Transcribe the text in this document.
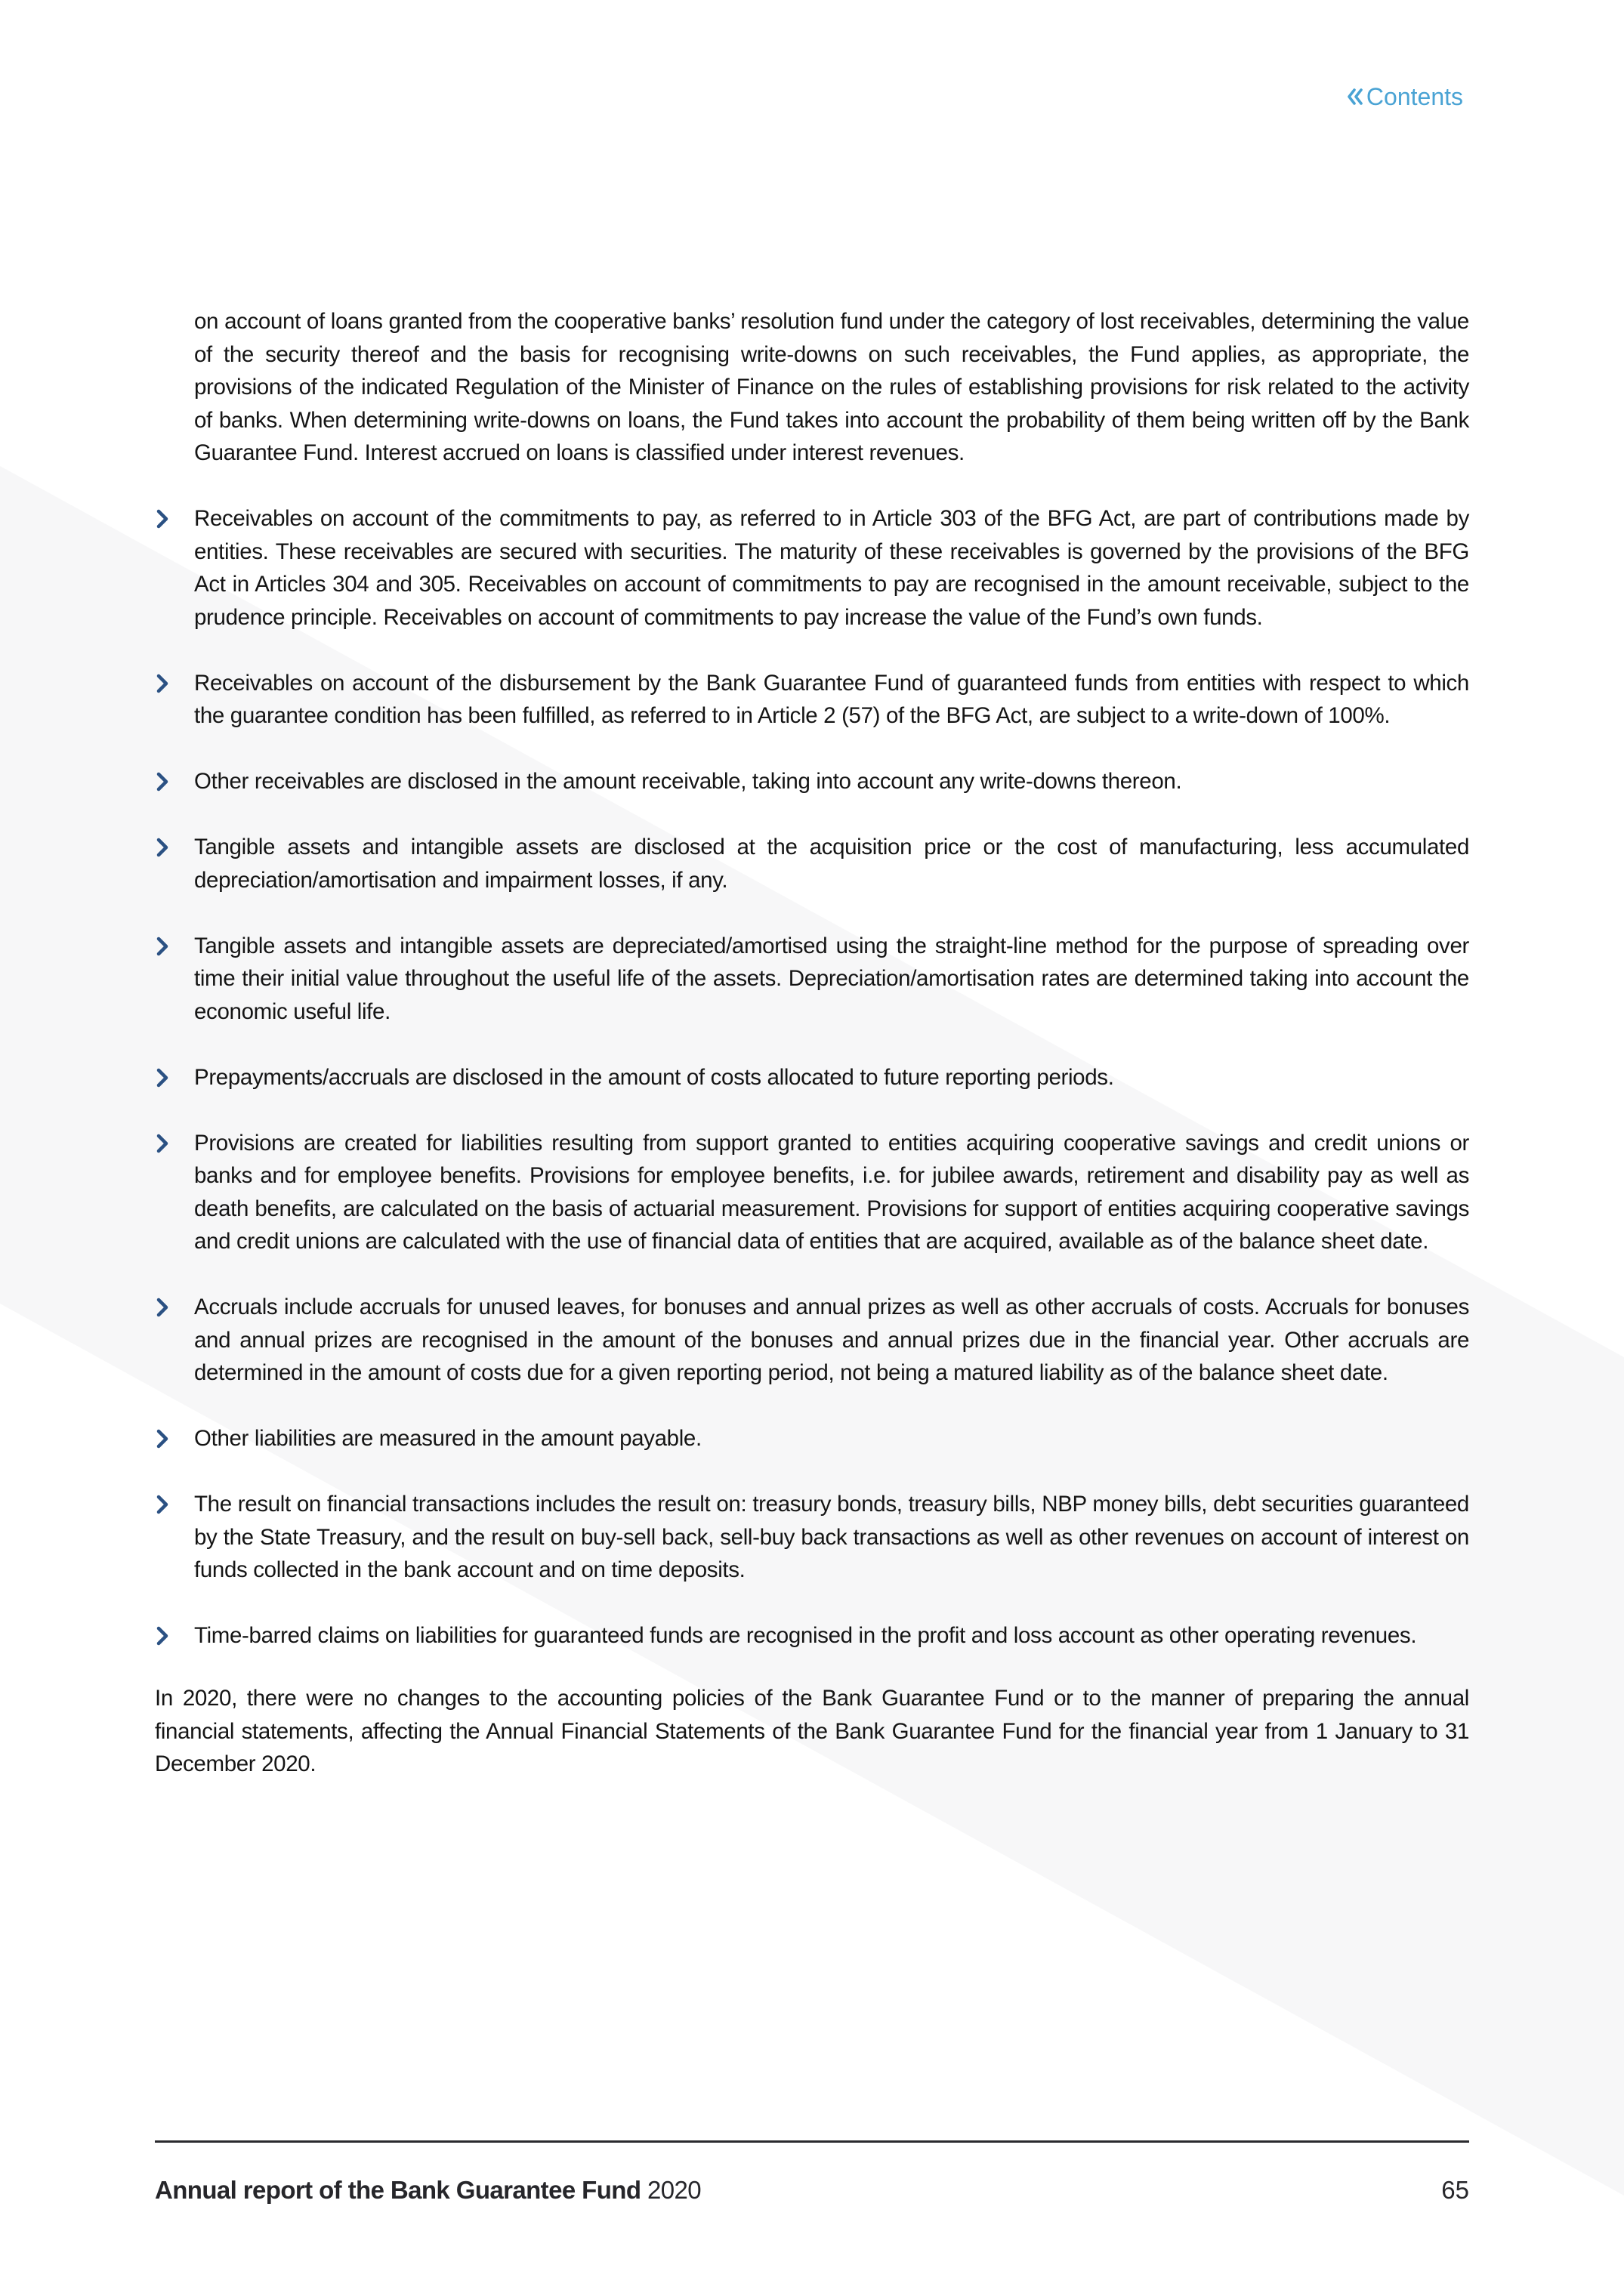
Contents

on account of loans granted from the cooperative banks’ resolution fund under the category of lost receivables, determining the value of the security thereof and the basis for recognising write-downs on such receivables, the Fund applies, as appropriate, the provisions of the indicated Regulation of the Minister of Finance on the rules of establishing provisions for risk related to the activity of banks. When determining write-downs on loans, the Fund takes into account the probability of them being written off by the Bank Guarantee Fund. Interest accrued on loans is classified under interest revenues.

Receivables on account of the commitments to pay, as referred to in Article 303 of the BFG Act, are part of contributions made by entities. These receivables are secured with securities. The maturity of these receivables is governed by the provisions of the BFG Act in Articles 304 and 305. Receivables on account of commitments to pay are recognised in the amount receivable, subject to the prudence principle. Receivables on account of commitments to pay increase the value of the Fund’s own funds.
Receivables on account of the disbursement by the Bank Guarantee Fund of guaranteed funds from entities with respect to which the guarantee condition has been fulfilled, as referred to in Article 2 (57) of the BFG Act, are subject to a write-down of 100%.
Other receivables are disclosed in the amount receivable, taking into account any write-downs thereon.
Tangible assets and intangible assets are disclosed at the acquisition price or the cost of manufacturing, less accumulated depreciation/amortisation and impairment losses, if any.
Tangible assets and intangible assets are depreciated/amortised using the straight-line method for the purpose of spreading over time their initial value throughout the useful life of the assets. Depreciation/amortisation rates are determined taking into account the economic useful life.
Prepayments/accruals are disclosed in the amount of costs allocated to future reporting periods.
Provisions are created for liabilities resulting from support granted to entities acquiring cooperative savings and credit unions or banks and for employee benefits. Provisions for employee benefits, i.e. for jubilee awards, retirement and disability pay as well as death benefits, are calculated on the basis of actuarial measurement. Provisions for support of entities acquiring cooperative savings and credit unions are calculated with the use of financial data of entities that are acquired, available as of the balance sheet date.
Accruals include accruals for unused leaves, for bonuses and annual prizes as well as other accruals of costs. Accruals for bonuses and annual prizes are recognised in the amount of the bonuses and annual prizes due in the financial year. Other accruals are determined in the amount of costs due for a given reporting period, not being a matured liability as of the balance sheet date.
Other liabilities are measured in the amount payable.
The result on financial transactions includes the result on: treasury bonds, treasury bills, NBP money bills, debt securities guaranteed by the State Treasury, and the result on buy-sell back, sell-buy back transactions as well as other revenues on account of interest on funds collected in the bank account and on time deposits.
Time-barred claims on liabilities for guaranteed funds are recognised in the profit and loss account as other operating revenues.

In 2020, there were no changes to the accounting policies of the Bank Guarantee Fund or to the manner of preparing the annual financial statements, affecting the Annual Financial Statements of the Bank Guarantee Fund for the financial year from 1 January to 31 December 2020.

Annual report of the Bank Guarantee Fund 2020	65
